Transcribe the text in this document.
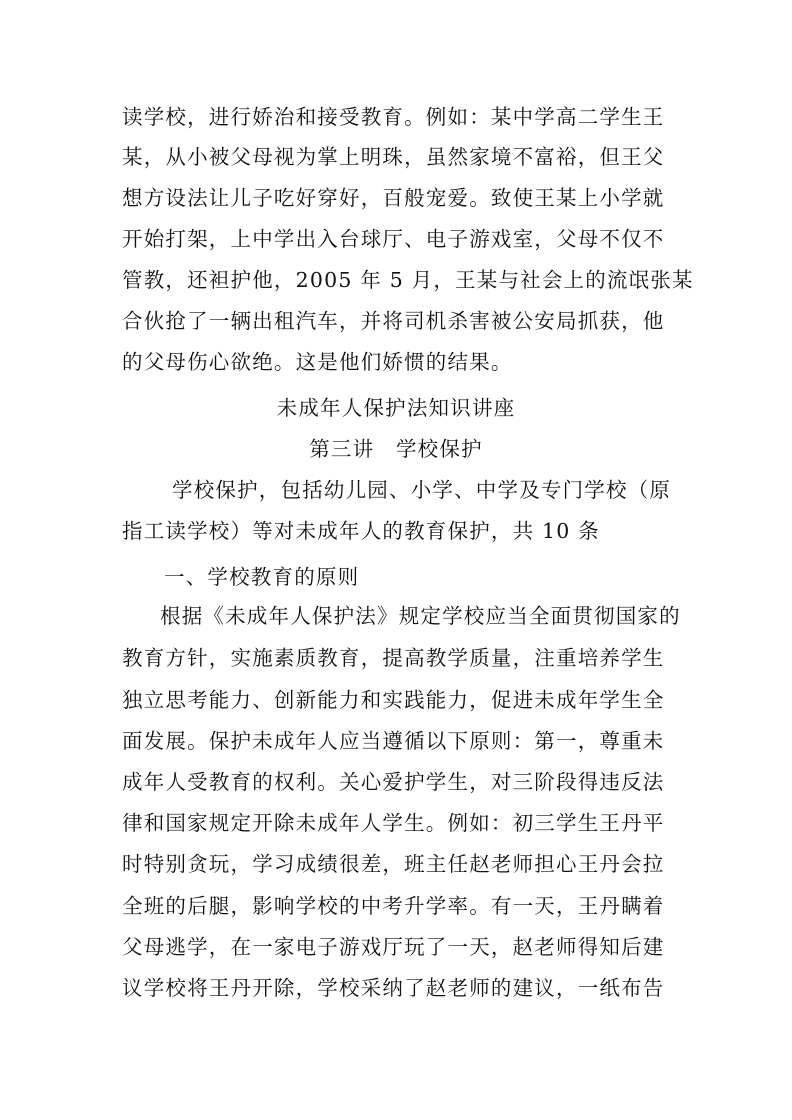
读学校，进行娇治和接受教育。例如：某中学高二学生王
某，从小被父母视为掌上明珠，虽然家境不富裕，但王父
想方设法让儿子吃好穿好，百般宠爱。致使王某上小学就
开始打架，上中学出入台球厅、电子游戏室，父母不仅不
管教，还袒护他，2005 年 5 月，王某与社会上的流氓张某
合伙抢了一辆出租汽车，并将司机杀害被公安局抓获，他
的父母伤心欲绝。这是他们娇惯的结果。
未成年人保护法知识讲座
第三讲　学校保护
学校保护，包括幼儿园、小学、中学及专门学校（原
指工读学校）等对未成年人的教育保护，共 10 条
一、学校教育的原则
根据《未成年人保护法》规定学校应当全面贯彻国家的
教育方针，实施素质教育，提高教学质量，注重培养学生
独立思考能力、创新能力和实践能力，促进未成年学生全
面发展。保护未成年人应当遵循以下原则：第一，尊重未
成年人受教育的权利。关心爱护学生，对三阶段得违反法
律和国家规定开除未成年人学生。例如：初三学生王丹平
时特别贪玩，学习成绩很差，班主任赵老师担心王丹会拉
全班的后腿，影响学校的中考升学率。有一天，王丹瞒着
父母逃学，在一家电子游戏厅玩了一天，赵老师得知后建
议学校将王丹开除，学校采纳了赵老师的建议，一纸布告
